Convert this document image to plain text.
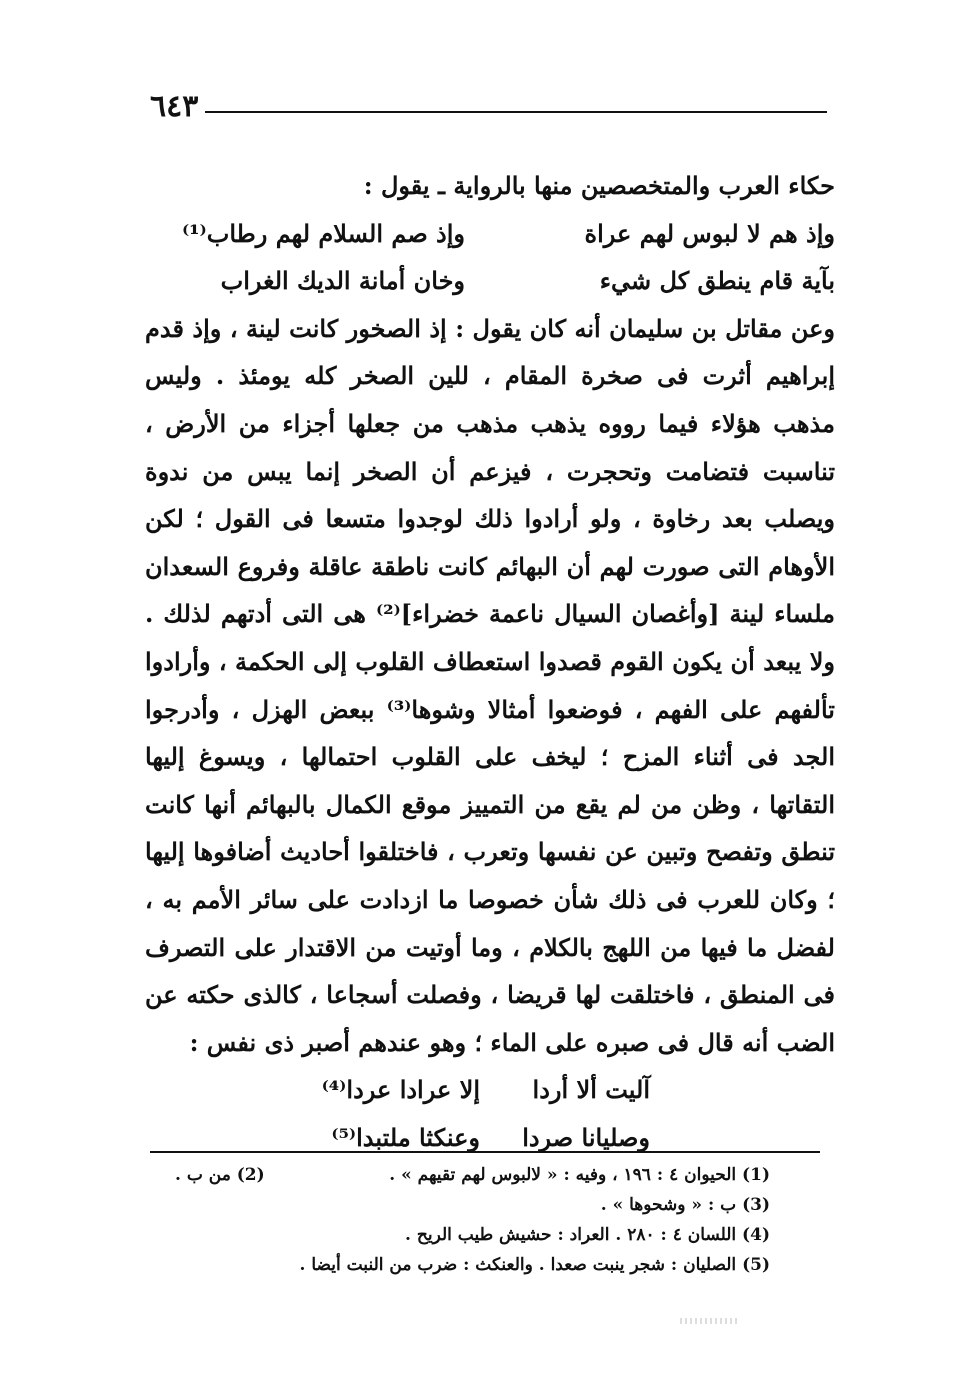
٦٤٣

حكاء العرب والمتخصصين منها بالرواية ـ يقول :

وإذ هم لا لبوس لهم عراة
وإذ صم السلام لهم رطاب⁽¹⁾
بآية قام ينطق كل شيء
وخان أمانة الديك الغراب

وعن مقاتل بن سليمان أنه كان يقول : إذ الصخور كانت لينة ، وإذ قدم إبراهيم أثرت فى صخرة المقام ، للين الصخر كله يومئذ . وليس مذهب هؤلاء فيما رووه يذهب مذهب من جعلها أجزاء من الأرض ، تناسبت فتضامت وتحجرت ، فيزعم أن الصخر إنما يبس من ندوة ويصلب بعد رخاوة ، ولو أرادوا ذلك لوجدوا متسعا فى القول ؛ لكن الأوهام التى صورت لهم أن البهائم كانت ناطقة عاقلة وفروع السعدان ملساء لينة [وأغصان السيال ناعمة خضراء]⁽²⁾ هى التى أدتهم لذلك . ولا يبعد أن يكون القوم قصدوا استعطاف القلوب إلى الحكمة ، وأرادوا تألفهم على الفهم ، فوضعوا أمثالا وشوها⁽³⁾ ببعض الهزل ، وأدرجوا الجد فى أثناء المزح ؛ ليخف على القلوب احتمالها ، ويسوغ إليها التقاتها ، وظن من لم يقع من التمييز موقع الكمال بالبهائم أنها كانت تنطق وتفصح وتبين عن نفسها وتعرب ، فاختلقوا أحاديث أضافوها إليها ؛ وكان للعرب فى ذلك شأن خصوصا ما ازدادت على سائر الأمم به ، لفضل ما فيها من اللهج بالكلام ، وما أوتيت من الاقتدار على التصرف فى المنطق ، فاختلقت لها قريضا ، وفصلت أسجاعا ، كالذى حكته عن الضب أنه قال فى صبره على الماء ؛ وهو عندهم أصبر ذى نفس :

آليت ألا أردا
إلا عرادا عردا⁽⁴⁾
وصليانا صردا
وعنكثا ملتبدا⁽⁵⁾
(1) الحيوان ٤ : ١٩٦ ، وفيه : « لالبوس لهم تقيهم » .
(2) من ب .
(3) ب : « وشحوها » .
(4) اللسان ٤ : ٢٨٠ . العراد : حشيش طيب الريح .
(5) الصليان : شجر ينبت صعدا . والعنكث : ضرب من النبت أيضا .
